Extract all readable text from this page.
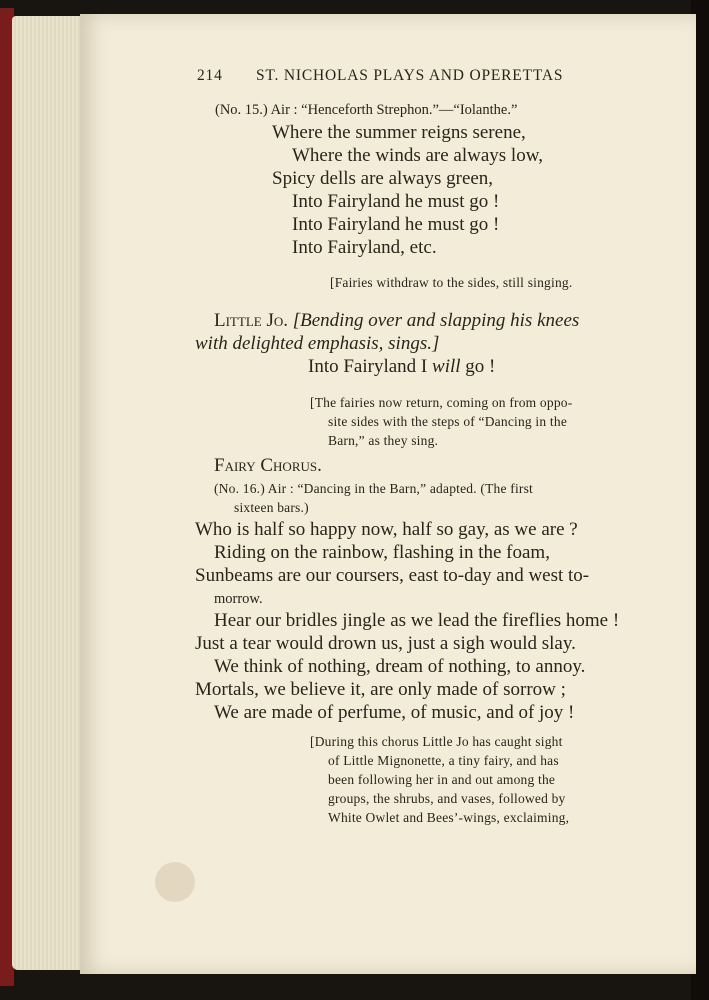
214 ST. NICHOLAS PLAYS AND OPERETTAS
(No. 15.) Air : “Henceforth Strephon.”—“Iolanthe.”
Where the summer reigns serene,
Where the winds are always low,
Spicy dells are always green,
Into Fairyland he must go !
Into Fairyland he must go !
Into Fairyland, etc.
[Fairies withdraw to the sides, still singing.
Little Jo. [Bending over and slapping his knees
with delighted emphasis, sings.]
Into Fairyland I will go !
[The fairies now return, coming on from oppo-
site sides with the steps of “Dancing in the
Barn,” as they sing.
Fairy Chorus.
(No. 16.) Air : “Dancing in the Barn,” adapted. (The first
sixteen bars.)
Who is half so happy now, half so gay, as we are ?
Riding on the rainbow, flashing in the foam,
Sunbeams are our coursers, east to-day and west to-
morrow.
Hear our bridles jingle as we lead the fireflies home !
Just a tear would drown us, just a sigh would slay.
We think of nothing, dream of nothing, to annoy.
Mortals, we believe it, are only made of sorrow ;
We are made of perfume, of music, and of joy !
[During this chorus Little Jo has caught sight
of Little Mignonette, a tiny fairy, and has
been following her in and out among the
groups, the shrubs, and vases, followed by
White Owlet and Bees’-wings, exclaiming,
